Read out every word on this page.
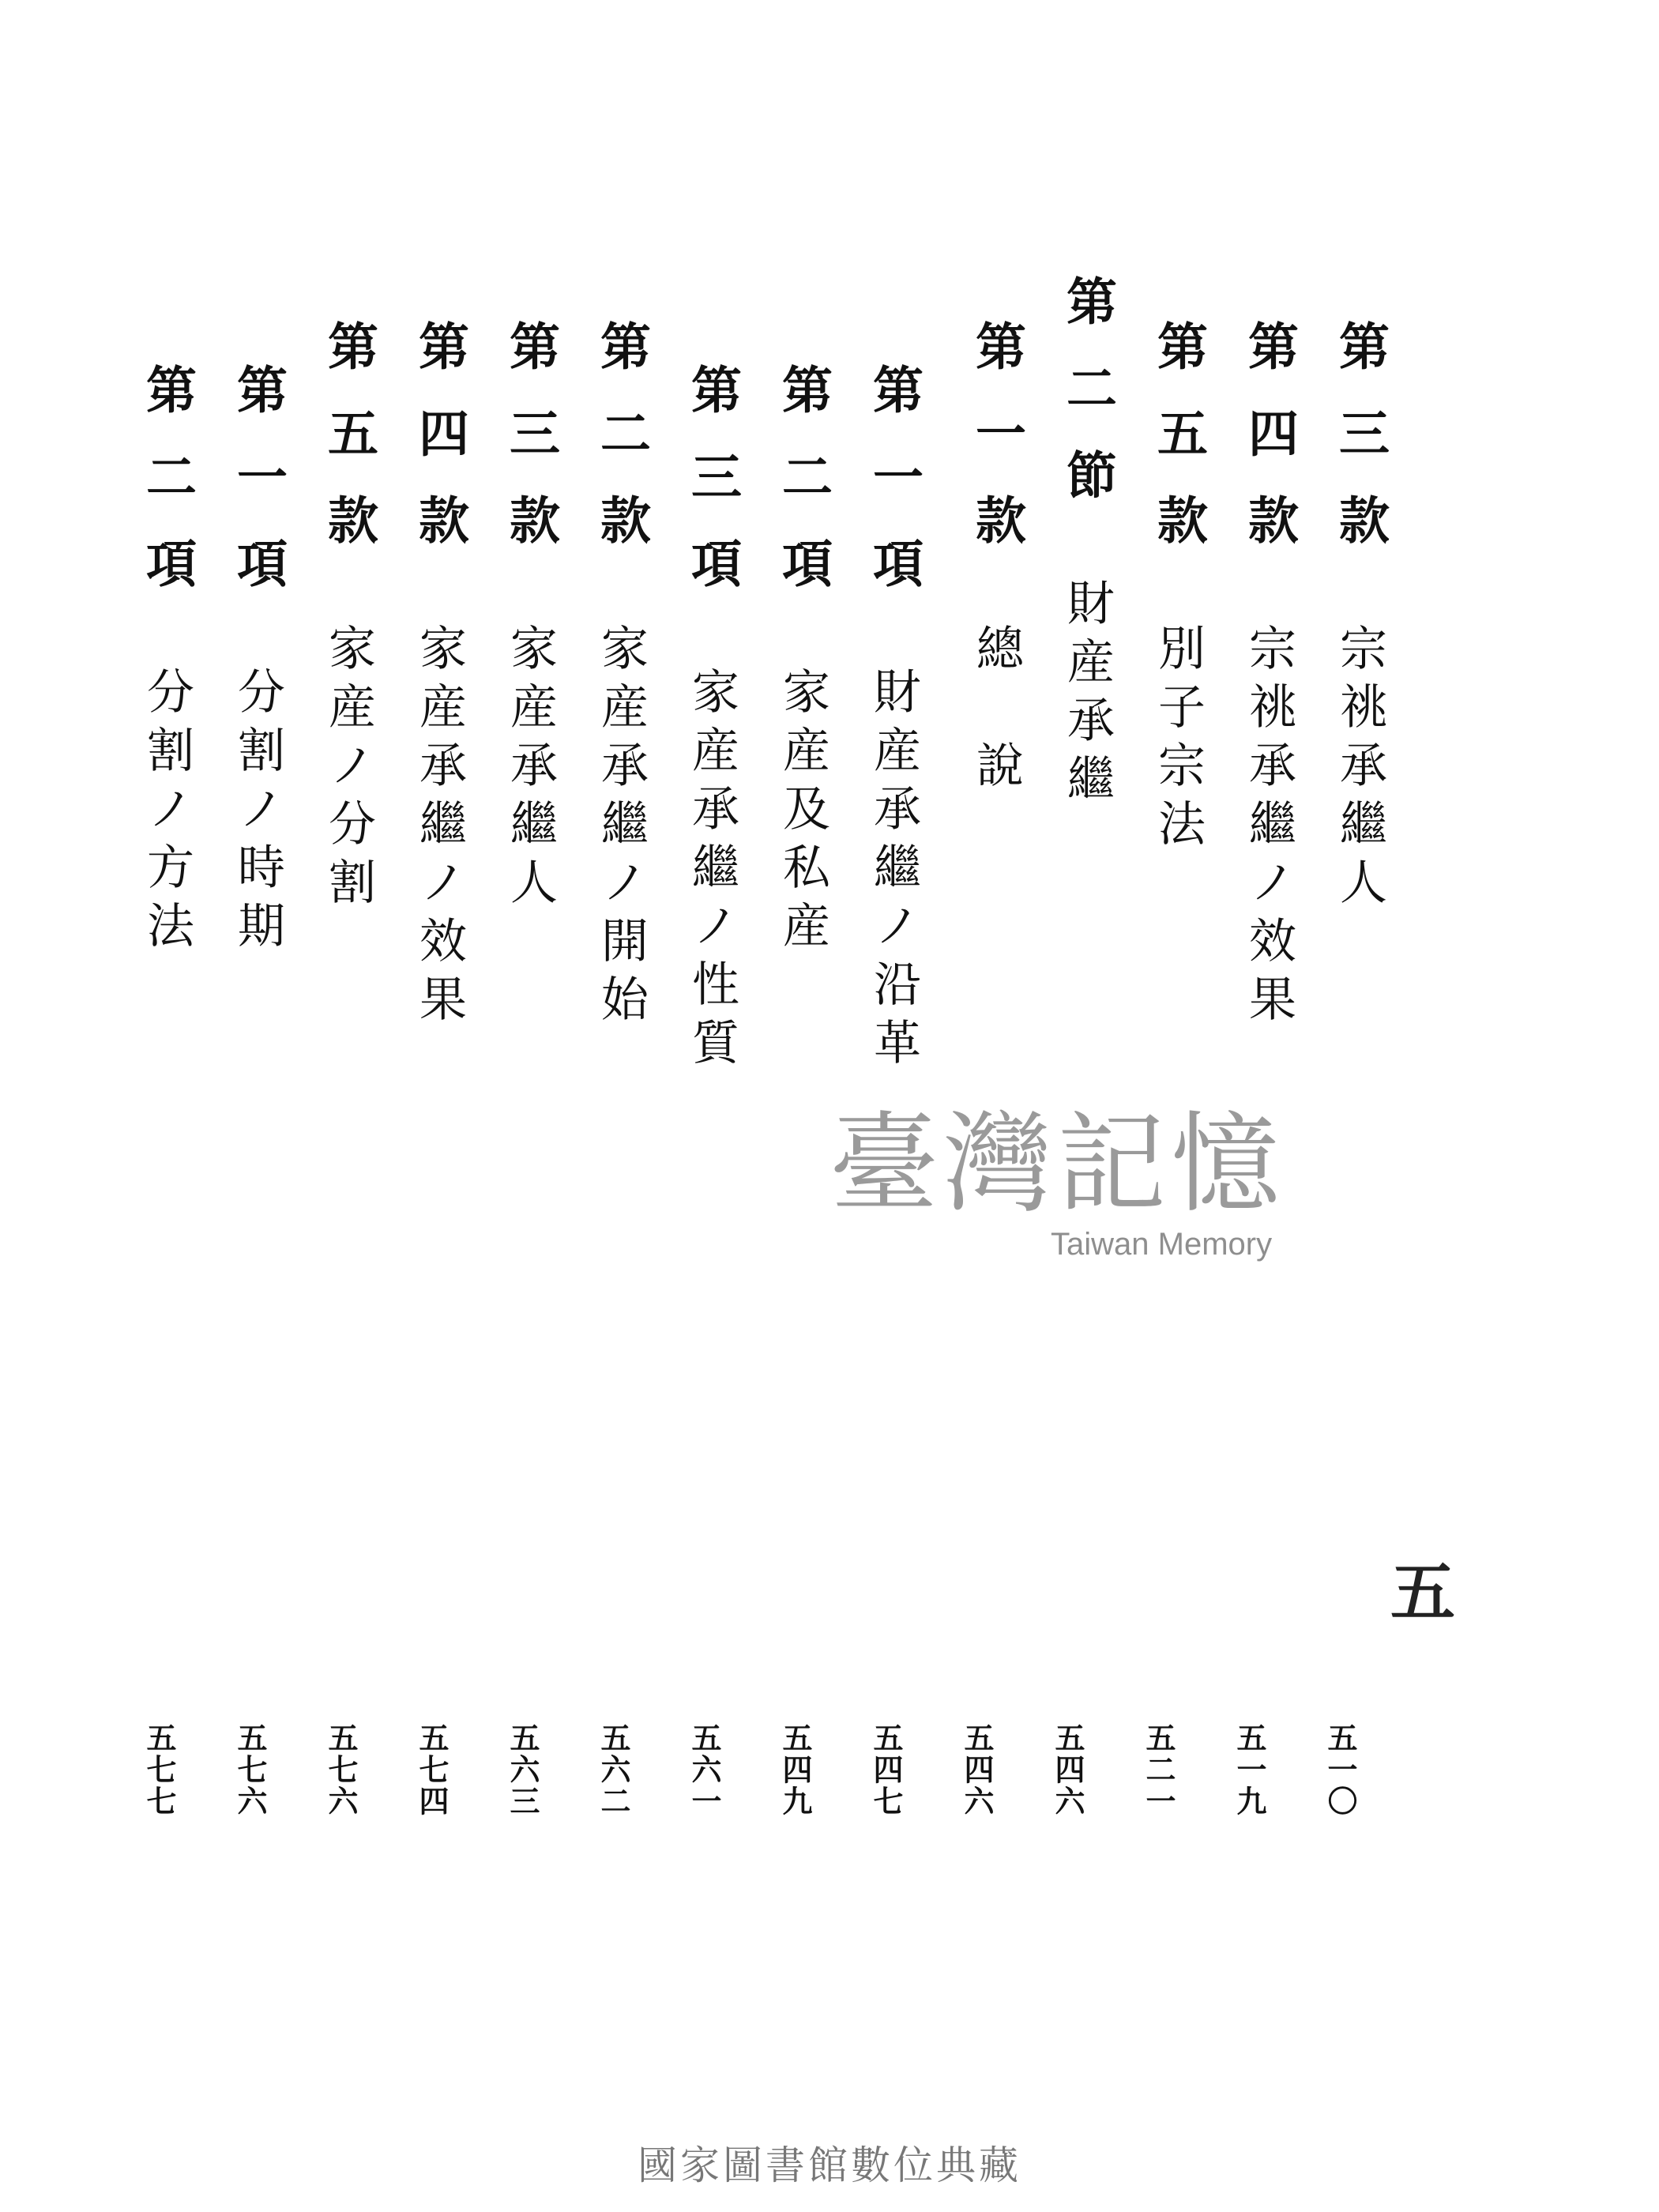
第三款
宗祧承繼人
第四款
宗祧承繼ノ效果
第五款
別子宗法
第二節
財産承繼
第一款
總　說
第一項
財産承繼ノ沿革
第二項
家産及私産
第三項
家産承繼ノ性質
第二款
家産承繼ノ開始
第三款
家産承繼人
第四款
家産承繼ノ效果
第五款
家産ノ分割
第一項
分割ノ時期
第二項
分割ノ方法
五一〇
五一九
五二一
五四六
五四六
五四七
五四九
五六一
五六二
五六三
五七四
五七六
五七六
五七七
五
臺灣記憶
Taiwan Memory
國家圖書館數位典藏
